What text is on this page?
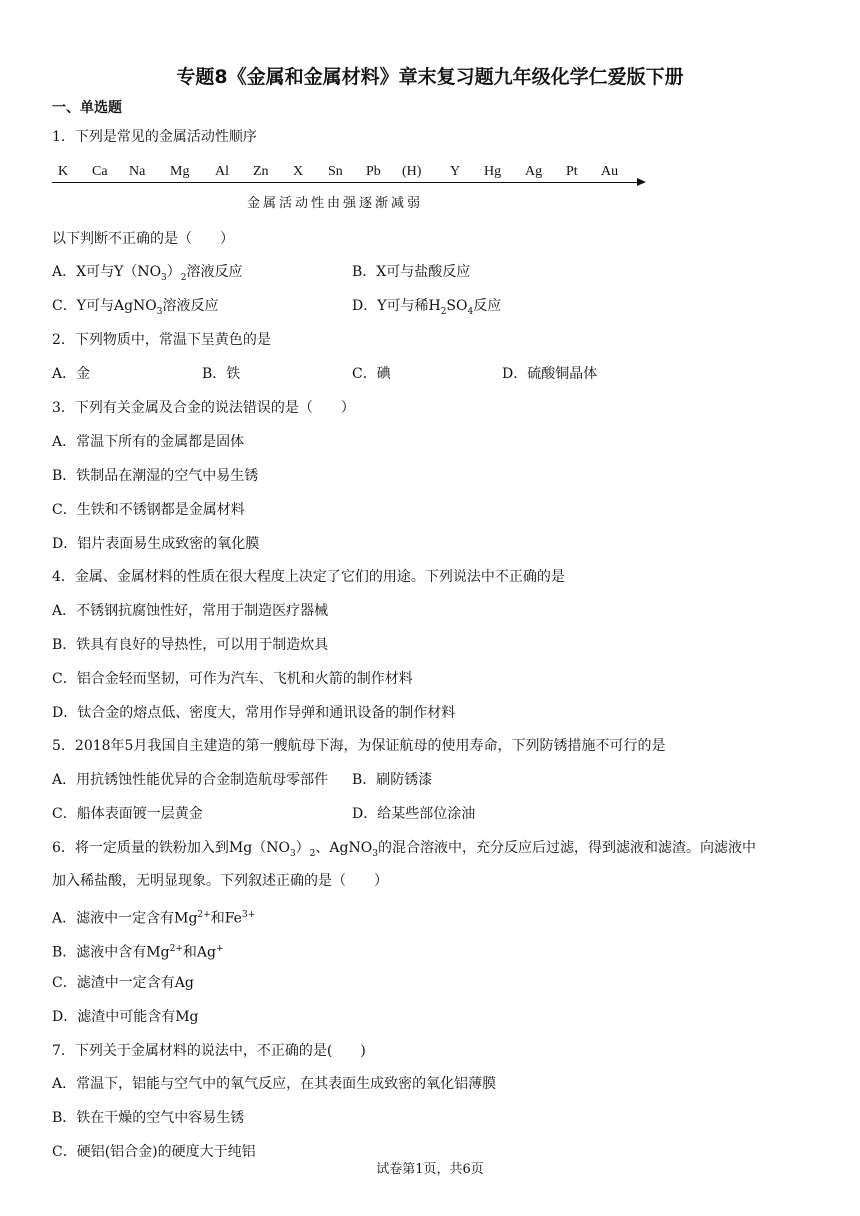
专题8《金属和金属材料》章末复习题九年级化学仁爱版下册
一、单选题
1．下列是常见的金属活动性顺序
K Ca Na Mg Al Zn X Sn Pb (H) Y Hg Ag Pt Au
金属活动性由强逐渐减弱
以下判断不正确的是（　　）
A．X可与$Y(NO_3)_2$溶液反应	B．X可与盐酸反应
C．Y可与AgNO$_3$溶液反应	D．Y可与稀$H_2SO_4$反应
2．下列物质中，常温下呈黄色的是
A．金	B．铁	C．碘	D．硫酸铜晶体
3．下列有关金属及合金的说法错误的是（　　）
A．常温下所有的金属都是固体
B．铁制品在潮湿的空气中易生锈
C．生铁和不锈钢都是金属材料
D．铝片表面易生成致密的氧化膜
4．金属、金属材料的性质在很大程度上决定了它们的用途。下列说法中不正确的是
A．不锈钢抗腐蚀性好，常用于制造医疗器械
B．铁具有良好的导热性，可以用于制造炊具
C．铝合金轻而坚韧，可作为汽车、飞机和火箭的制作材料
D．钛合金的熔点低、密度大，常用作导弹和通讯设备的制作材料
5．2018年5月我国自主建造的第一艘航母下海，为保证航母的使用寿命，下列防锈措施不可行的是
A．用抗锈蚀性能优异的合金制造航母零部件 B．刷防锈漆
C．船体表面镀一层黄金	D．给某些部位涂油
6．将一定质量的铁粉加入到$Mg(NO_3)_2$、AgNO$_3$的混合溶液中，充分反应后过滤，得到滤液和滤渣。向滤液中
加入稀盐酸，无明显现象。下列叙述正确的是（　　）
A．滤液中一定含有$Mg^{2+}$和$Fe^{3+}$
B．滤液中含有$Mg^{2+}$和Ag+
C．滤渣中一定含有Ag
D．滤渣中可能含有Mg
7．下列关于金属材料的说法中，不正确的是(　　)
A．常温下，铝能与空气中的氧气反应，在其表面生成致密的氧化铝薄膜
B．铁在干燥的空气中容易生锈
C．硬铝(铝合金)的硬度大于纯铝
试卷第1页，共6页
